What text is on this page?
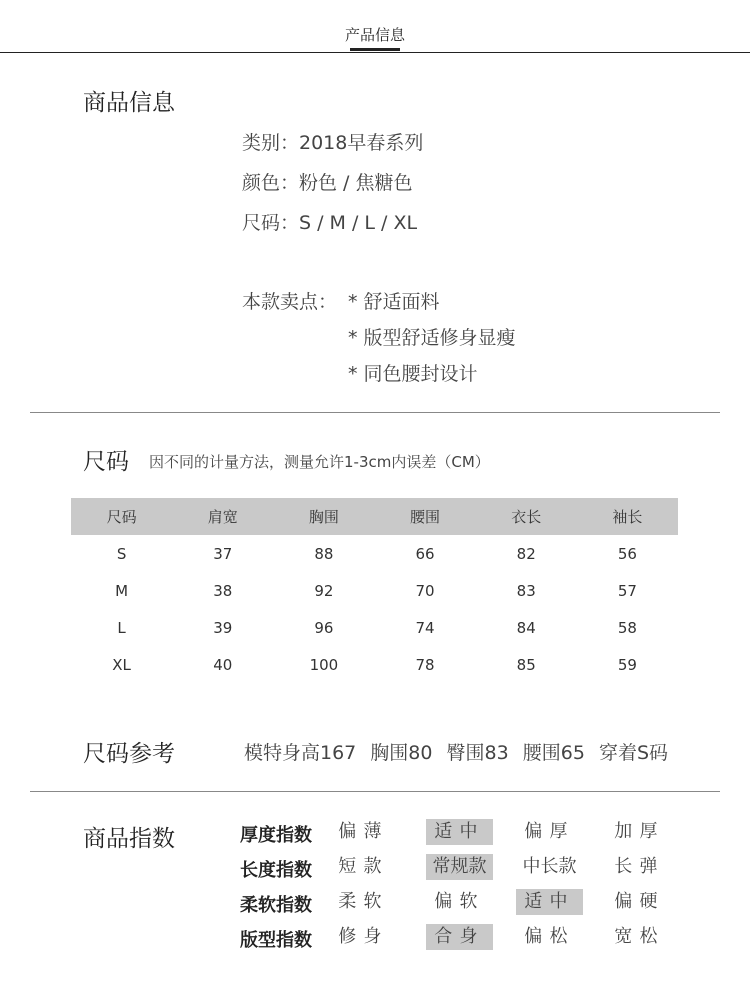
产品信息
商品信息
类别：2018早春系列
颜色：粉色 / 焦糖色
尺码：S / M / L / XL
本款卖点： * 舒适面料
* 版型舒适修身显瘦
* 同色腰封设计
尺码 因不同的计量方法，测量允许1-3cm内误差（CM）
尺码	肩宽	胸围	腰围	衣长	袖长
S	37	88	66	82	56
M	38	92	70	83	57
L	39	96	74	84	58
XL	40	100	78	85	59
尺码参考	模特身高167 胸围80 臀围83 腰围65 穿着S码
商品指数	厚度指数	偏薄	适中	偏厚	加厚
长度指数	短款	常规款	中长款	长弹
柔软指数	柔软	偏软	适中	偏硬
版型指数	修身	合身	偏松	宽松
